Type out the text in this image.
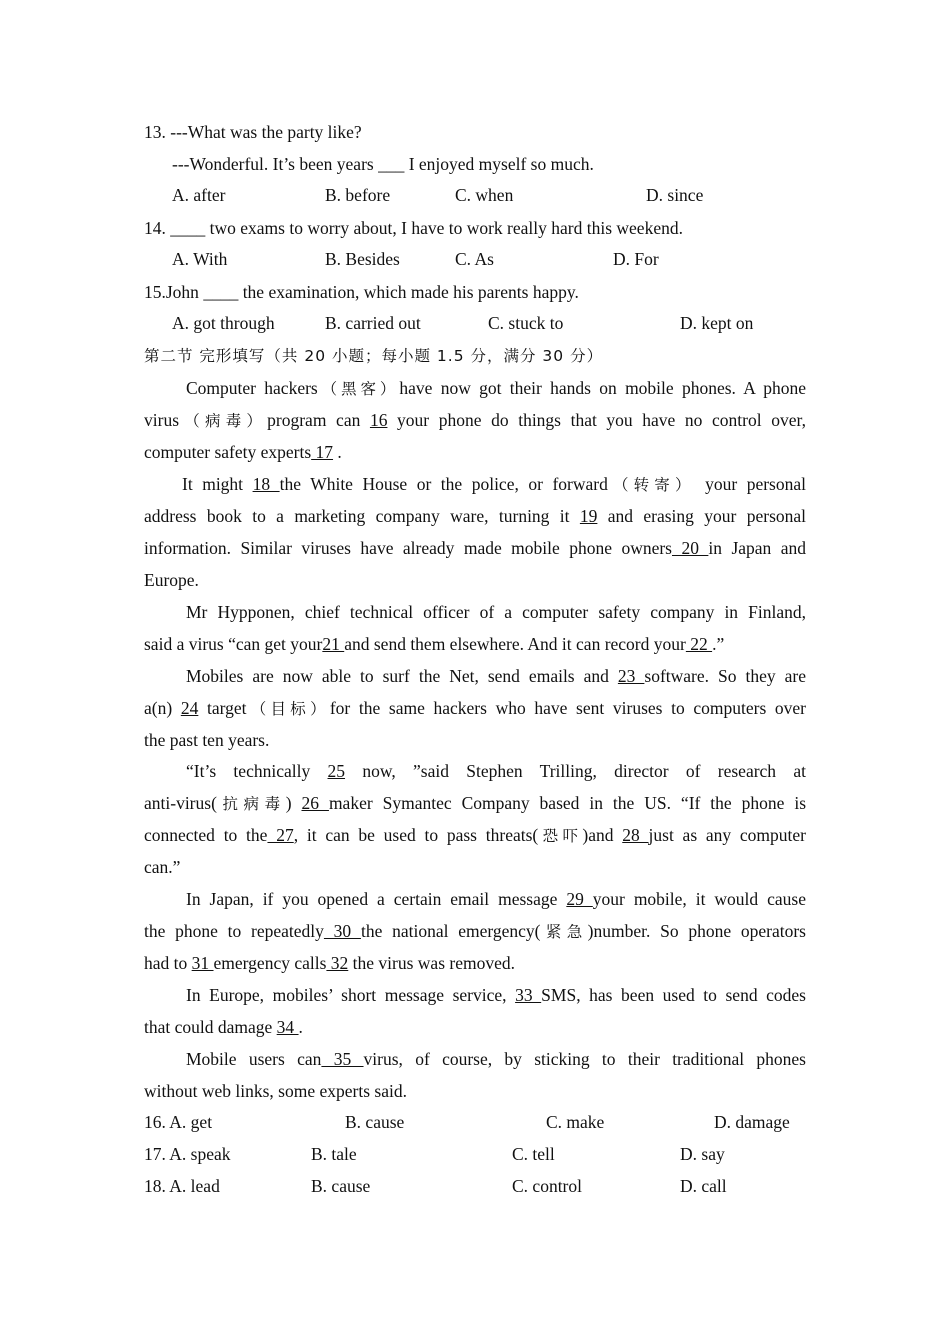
13. ---What was the party like?
---Wonderful. It’s been years ___ I enjoyed myself so much.
A. after	B. before	C. when	D. since
14. ____ two exams to worry about, I have to work really hard this weekend.
A. With	B. Besides	C. As	D. For
15.John ____ the examination, which made his parents happy.
A. got through	B. carried out	C. stuck to	D. kept on
第二节 完形填写（共 20 小题；每小题 1.5 分，满分 30 分）
Computer hackers（黑客）have now got their hands on mobile phones. A phone
virus（病毒）program can 16 your phone do things that you have no control over,
computer safety experts 17 .
It might 18 the White House or the police, or forward（转寄） your personal
address book to a marketing company ware, turning it 19 and erasing your personal
information. Similar viruses have already made mobile phone owners 20 in Japan and
Europe.
Mr Hypponen, chief technical officer of a computer safety company in Finland,
said a virus “can get your21 and send them elsewhere. And it can record your 22 .”
Mobiles are now able to surf the Net, send emails and 23 software. So they are
a(n) 24 target（目标）for the same hackers who have sent viruses to computers over
the past ten years.
“It’s technically 25 now, ”said Stephen Trilling, director of research at
anti-virus(抗病毒) 26 maker Symantec Company based in the US. “If the phone is
connected to the 27, it can be used to pass threats(恐吓)and 28 just as any computer
can.”
In Japan, if you opened a certain email message 29 your mobile, it would cause
the phone to repeatedly 30 the national emergency(紧急)number. So phone operators
had to 31 emergency calls 32 the virus was removed.
In Europe, mobiles’ short message service, 33 SMS, has been used to send codes
that could damage 34 .
Mobile users can 35 virus, of course, by sticking to their traditional phones
without web links, some experts said.
16. A. get	B. cause	C. make	D. damage
17. A. speak	B. tale	C. tell	D. say
18. A. lead	B. cause	C. control	D. call
